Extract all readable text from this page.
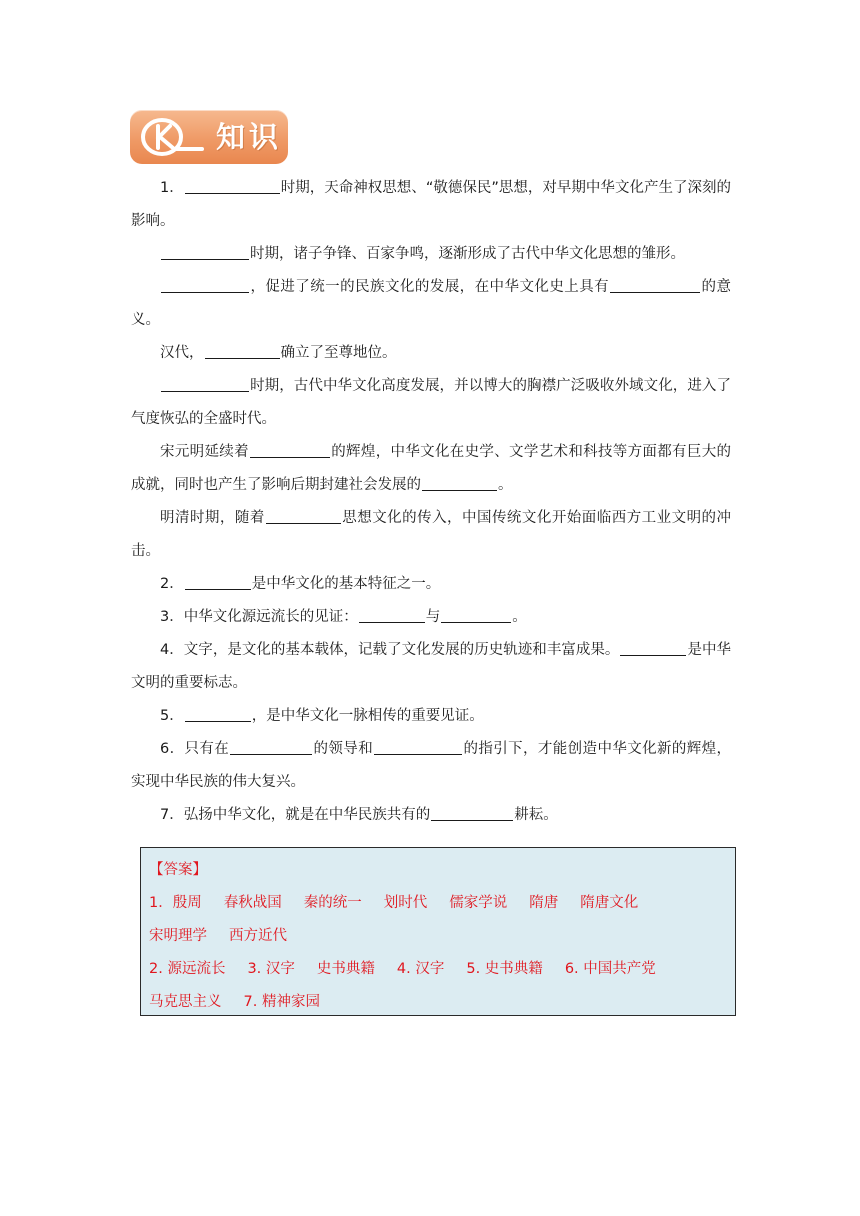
知识

1．	时期，天命神权思想、“敬德保民”思想，对早期中华文化产生了深刻的影响。

时期，诸子争锋、百家争鸣，逐渐形成了古代中华文化思想的雏形。

，促进了统一的民族文化的发展，在中华文化史上具有	的意义。

汉代，	确立了至尊地位。

时期，古代中华文化高度发展，并以博大的胸襟广泛吸收外域文化，进入了气度恢弘的全盛时代。

宋元明延续着	的辉煌，中华文化在史学、文学艺术和科技等方面都有巨大的成就，同时也产生了影响后期封建社会发展的	。

明清时期，随着	思想文化的传入，中国传统文化开始面临西方工业文明的冲击。

2．	是中华文化的基本特征之一。

3．中华文化源远流长的见证：	与	。

4．文字，是文化的基本载体，记载了文化发展的历史轨迹和丰富成果。	是中华文明的重要标志。

5．	，是中华文化一脉相传的重要见证。

6．只有在	的领导和	的指引下，才能创造中华文化新的辉煌，实现中华民族的伟大复兴。

7．弘扬中华文化，就是在中华民族共有的	耕耘。

【答案】

1．殷周 春秋战国 秦的统一 划时代 儒家学说 隋唐 隋唐文化宋明理学 西方近代

2. 源远流长 3. 汉字 史书典籍 4. 汉字 5. 史书典籍 6. 中国共产党马克思主义 7. 精神家园
